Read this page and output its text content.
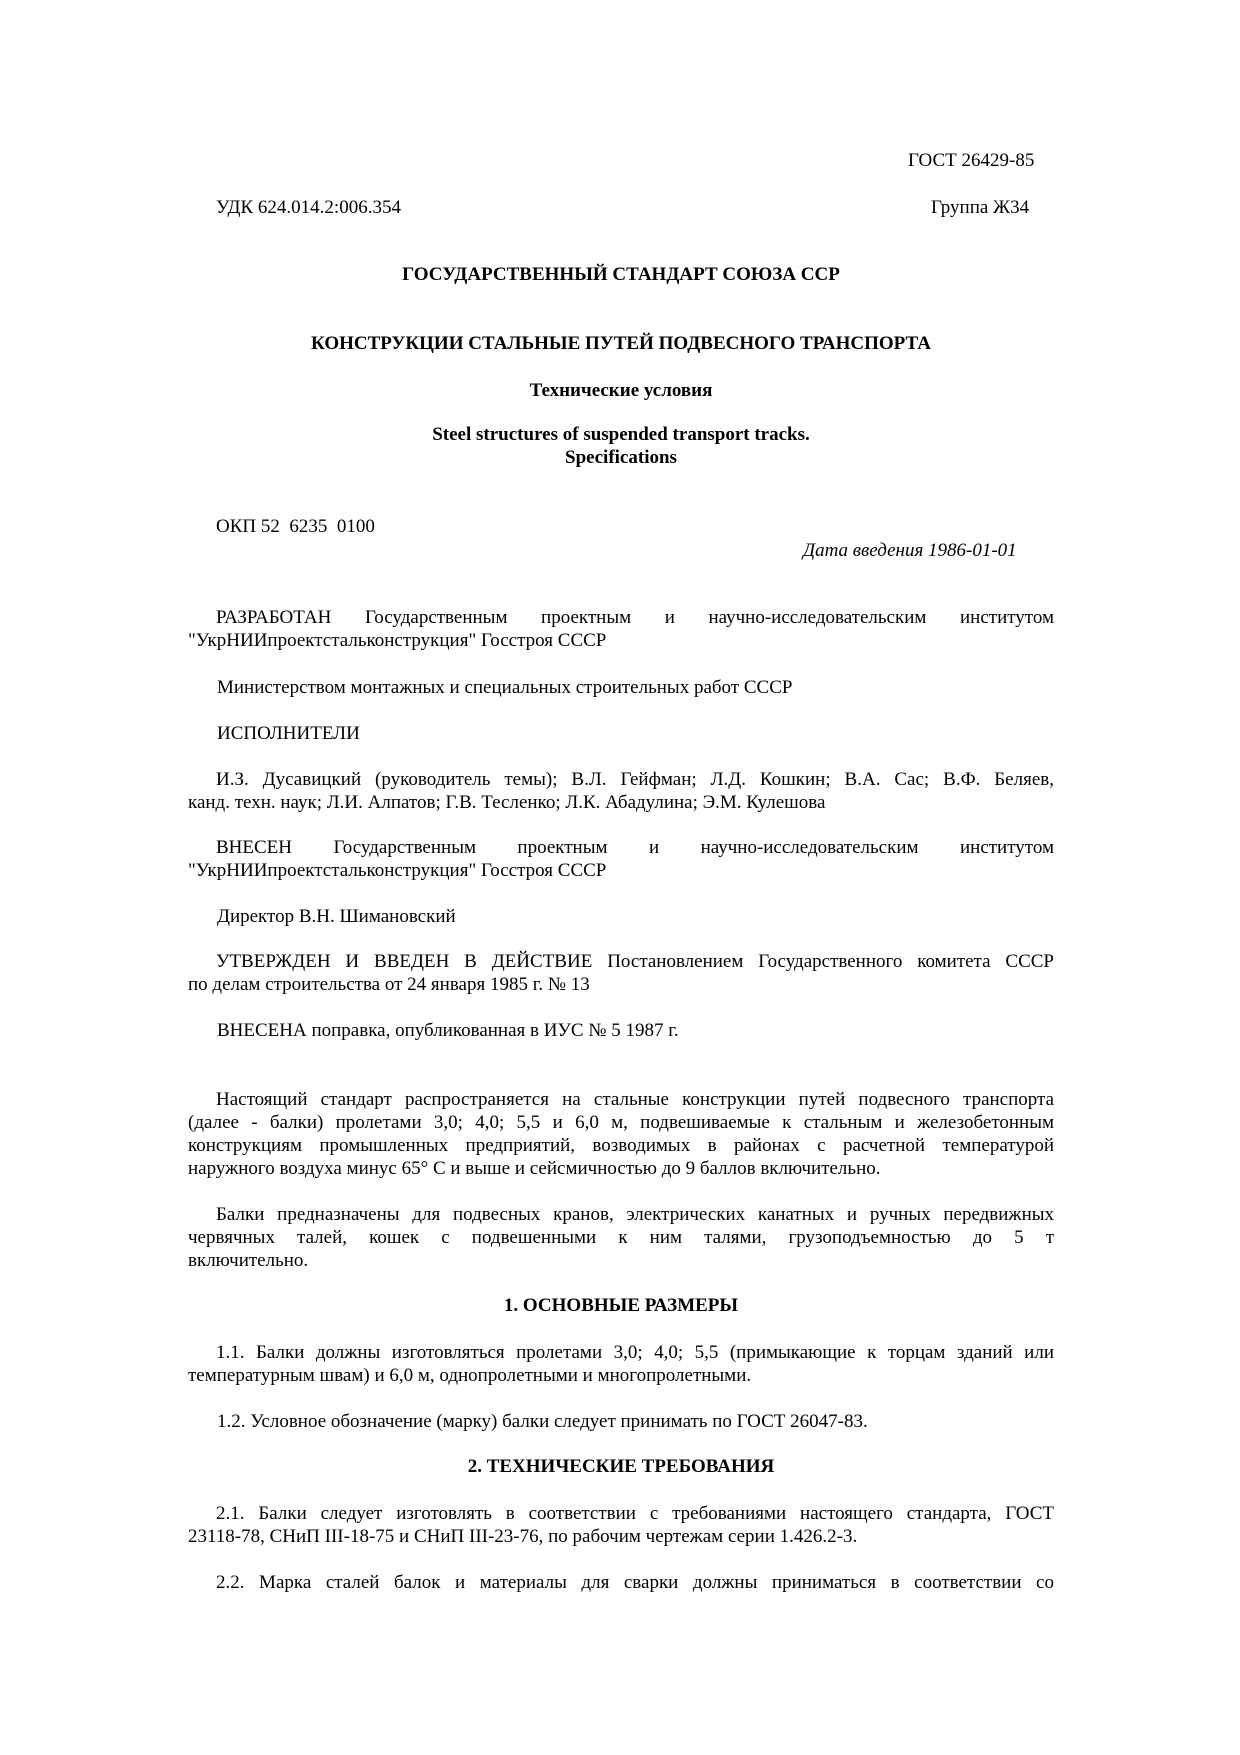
ГОСТ 26429-85
УДК 624.014.2:006.354	Группа Ж34
ГОСУДАРСТВЕННЫЙ СТАНДАРТ СОЮЗА ССР
КОНСТРУКЦИИ СТАЛЬНЫЕ ПУТЕЙ ПОДВЕСНОГО ТРАНСПОРТА
Технические условия
Steel structures of suspended transport tracks.
Specifications
ОКП 52  6235  0100
Дата введения 1986-01-01
РАЗРАБОТАН Государственным проектным и научно-исследовательским институтом
"УкрНИИпроектстальконструкция" Госстроя СССР
Министерством монтажных и специальных строительных работ СССР
ИСПОЛНИТЕЛИ
И.З. Дусавицкий (руководитель темы); В.Л. Гейфман; Л.Д. Кошкин; В.А. Сас; В.Ф. Беляев,
канд. техн. наук; Л.И. Алпатов; Г.В. Тесленко; Л.К. Абадулина; Э.М. Кулешова
ВНЕСЕН Государственным проектным и научно-исследовательским институтом
"УкрНИИпроектстальконструкция" Госстроя СССР
Директор В.Н. Шимановский
УТВЕРЖДЕН И ВВЕДЕН В ДЕЙСТВИЕ Постановлением Государственного комитета СССР
по делам строительства от 24 января 1985 г. № 13
ВНЕСЕНА поправка, опубликованная в ИУС № 5 1987 г.
Настоящий стандарт распространяется на стальные конструкции путей подвесного транспорта
(далее - балки) пролетами 3,0; 4,0; 5,5 и 6,0 м, подвешиваемые к стальным и железобетонным
конструкциям промышленных предприятий, возводимых в районах с расчетной температурой
наружного воздуха минус 65° С и выше и сейсмичностью до 9 баллов включительно.
Балки предназначены для подвесных кранов, электрических канатных и ручных передвижных
червячных талей, кошек с подвешенными к ним талями, грузоподъемностью до 5 т
включительно.
1. ОСНОВНЫЕ РАЗМЕРЫ
1.1. Балки должны изготовляться пролетами 3,0; 4,0; 5,5 (примыкающие к торцам зданий или
температурным швам) и 6,0 м, однопролетными и многопролетными.
1.2. Условное обозначение (марку) балки следует принимать по ГОСТ 26047-83.
2. ТЕХНИЧЕСКИЕ ТРЕБОВАНИЯ
2.1. Балки следует изготовлять в соответствии с требованиями настоящего стандарта, ГОСТ
23118-78, СНиП III-18-75 и СНиП III-23-76, по рабочим чертежам серии 1.426.2-3.
2.2. Марка сталей балок и материалы для сварки должны приниматься в соответствии со
